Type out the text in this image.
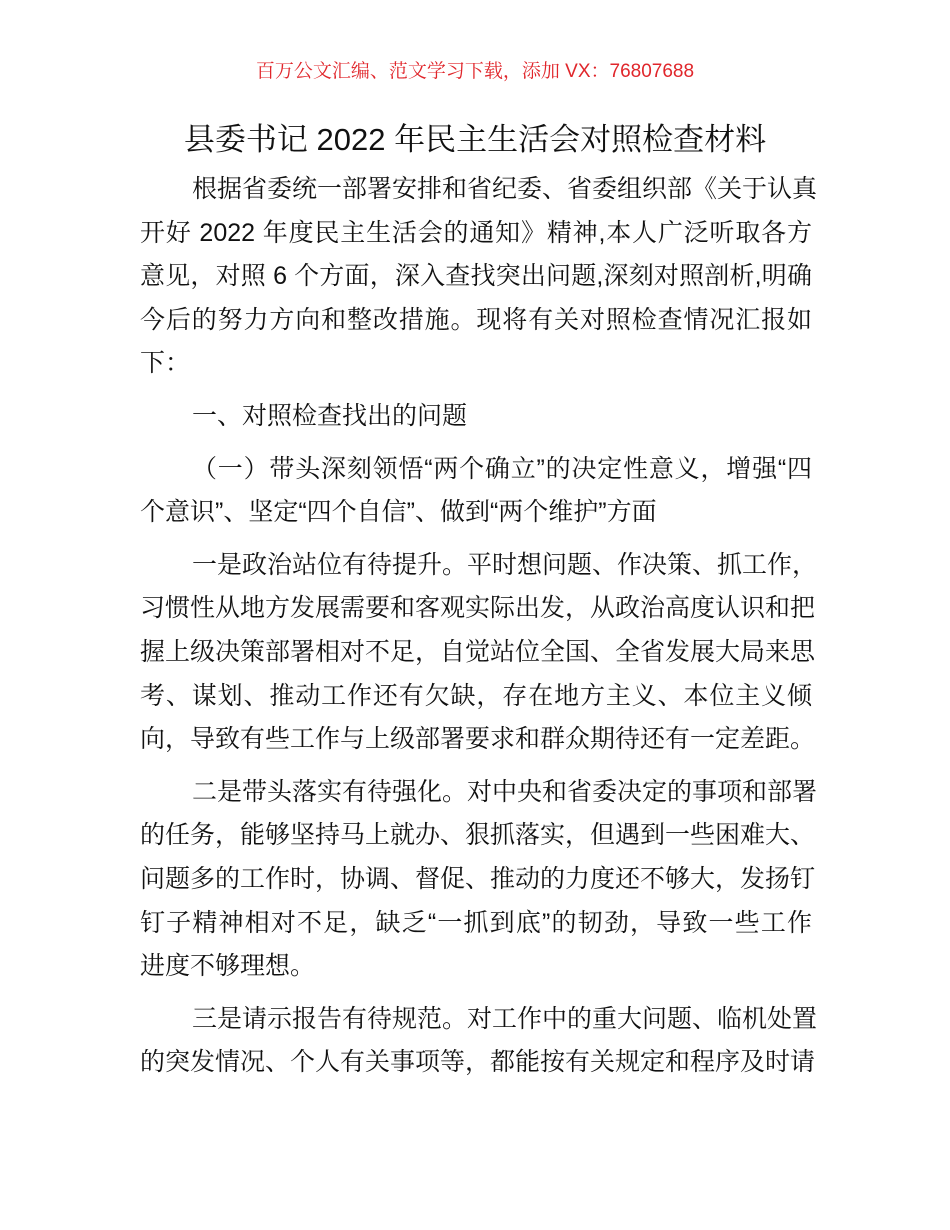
百万公文汇编、范文学习下载，添加 VX：76807688
县委书记 2022 年民主生活会对照检查材料
根据省委统一部署安排和省纪委、省委组织部《关于认真
开好 2022 年度民主生活会的通知》精神,本人广泛听取各方
意见，对照 6 个方面，深入查找突出问题,深刻对照剖析,明确
今后的努力方向和整改措施。现将有关对照检查情况汇报如
下：
一、对照检查找出的问题
（一）带头深刻领悟“两个确立”的决定性意义，增强“四
个意识”、坚定“四个自信”、做到“两个维护”方面
一是政治站位有待提升。平时想问题、作决策、抓工作，
习惯性从地方发展需要和客观实际出发，从政治高度认识和把
握上级决策部署相对不足，自觉站位全国、全省发展大局来思
考、谋划、推动工作还有欠缺，存在地方主义、本位主义倾
向，导致有些工作与上级部署要求和群众期待还有一定差距。
二是带头落实有待强化。对中央和省委决定的事项和部署
的任务，能够坚持马上就办、狠抓落实，但遇到一些困难大、
问题多的工作时，协调、督促、推动的力度还不够大，发扬钉
钉子精神相对不足，缺乏“一抓到底”的韧劲，导致一些工作
进度不够理想。
三是请示报告有待规范。对工作中的重大问题、临机处置
的突发情况、个人有关事项等，都能按有关规定和程序及时请
